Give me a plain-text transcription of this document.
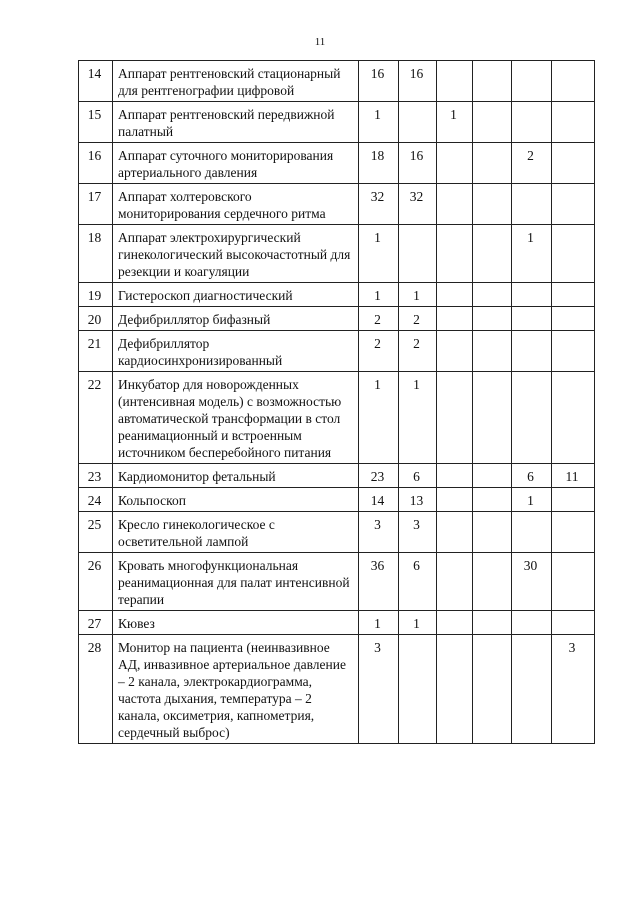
11
14	Аппарат рентгеновский стационарный для рентгенографии цифровой	16	16				
15	Аппарат рентгеновский передвижной палатный	1		1			
16	Аппарат суточного мониторирования артериального давления	18	16			2	
17	Аппарат холтеровского мониторирования сердечного ритма	32	32				
18	Аппарат электрохирургический гинекологический высокочастотный для резекции и коагуляции	1				1	
19	Гистероскоп диагностический	1	1				
20	Дефибриллятор бифазный	2	2				
21	Дефибриллятор кардиосинхронизированный	2	2				
22	Инкубатор для новорожденных (интенсивная модель) с возможностью автоматической трансформации в стол реанимационный и встроенным источником бесперебойного питания	1	1				
23	Кардиомонитор фетальный	23	6			6	11
24	Кольпоскоп	14	13			1	
25	Кресло гинекологическое с осветительной лампой	3	3				
26	Кровать многофункциональная реанимационная для палат интенсивной терапии	36	6			30	
27	Кювез	1	1				
28	Монитор на пациента (неинвазивное АД, инвазивное артериальное давление – 2 канала, электрокардиограмма, частота дыхания, температура – 2 канала, оксиметрия, капнометрия, сердечный выброс)	3					3
